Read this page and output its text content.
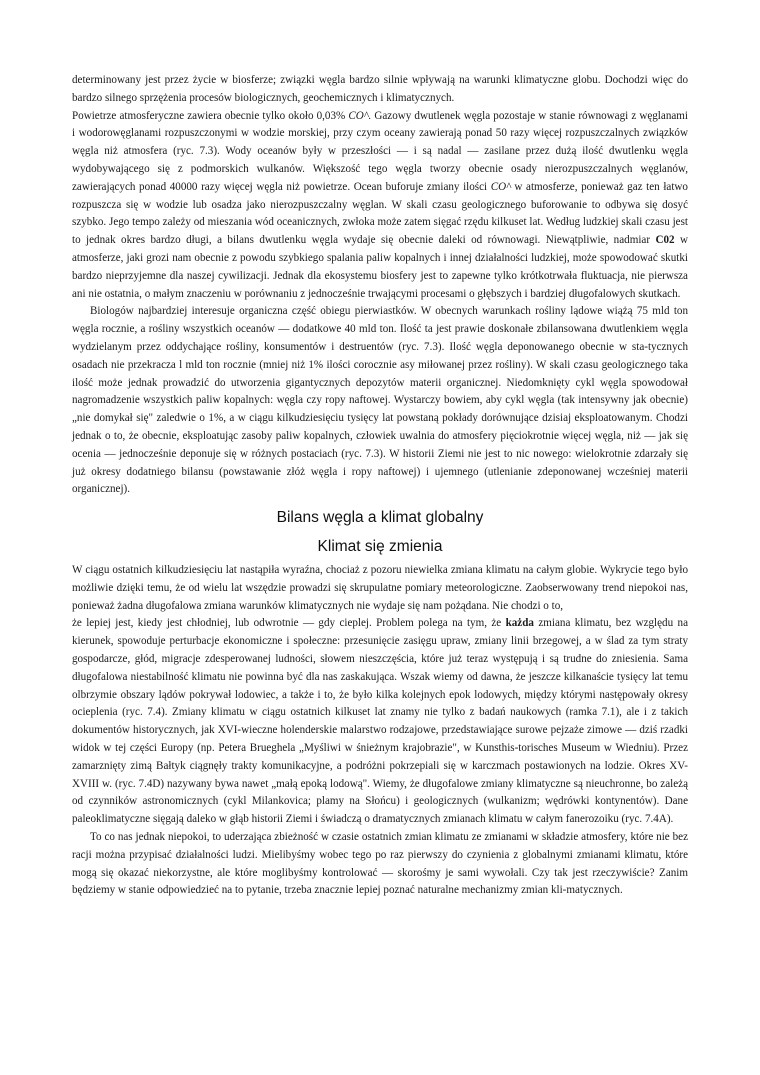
determinowany jest przez życie w biosferze; związki węgla bardzo silnie wpływają na warunki klimatyczne globu. Dochodzi więc do bardzo silnego sprzężenia procesów biologicznych, geochemicznych i klimatycznych.

Powietrze atmosferyczne zawiera obecnie tylko około 0,03% CO^. Gazowy dwutlenek węgla pozostaje w stanie równowagi z węglanami i wodorowęglanami rozpuszczonymi w wodzie morskiej, przy czym oceany zawierają ponad 50 razy więcej rozpuszczalnych związków węgla niż atmosfera (ryc. 7.3). Wody oceanów były w przeszłości — i są nadal — zasilane przez dużą ilość dwutlenku węgla wydobywającego się z podmorskich wulkanów. Większość tego węgla tworzy obecnie osady nierozpuszczalnych węglanów, zawierających ponad 40000 razy więcej węgla niż powietrze. Ocean buforuje zmiany ilości CO^ w atmosferze, ponieważ gaz ten łatwo rozpuszcza się w wodzie lub osadza jako nierozpuszczalny węglan. W skali czasu geologicznego buforowanie to odbywa się dosyć szybko. Jego tempo zależy od mieszania wód oceanicznych, zwłoka może zatem sięgać rzędu kilkuset lat. Według ludzkiej skali czasu jest to jednak okres bardzo długi, a bilans dwutlenku węgla wydaje się obecnie daleki od równowagi. Niewątpliwie, nadmiar C02 w atmosferze, jaki grozi nam obecnie z powodu szybkiego spalania paliw kopalnych i innej działalności ludzkiej, może spowodować skutki bardzo nieprzyjemne dla naszej cywilizacji. Jednak dla ekosystemu biosfery jest to zapewne tylko krótkotrwała fluktuacja, nie pierwsza ani nie ostatnia, o małym znaczeniu w porównaniu z jednocześnie trwającymi procesami o głębszych i bardziej długofalowych skutkach.

Biologów najbardziej interesuje organiczna część obiegu pierwiastków. W obecnych warunkach rośliny lądowe wiążą 75 mld ton węgla rocznie, a rośliny wszystkich oceanów — dodatkowe 40 mld ton. Ilość ta jest prawie doskonałe zbilansowana dwutlenkiem węgla wydzielanym przez oddychające rośliny, konsumentów i destruentów (ryc. 7.3). Ilość węgla deponowanego obecnie w sta-tycznych osadach nie przekracza l mld ton rocznie (mniej niż 1% ilości corocznie asy miłowanej przez rośliny). W skali czasu geologicznego taka ilość może jednak prowadzić do utworzenia gigantycznych depozytów materii organicznej. Niedomknięty cykl węgla spowodował nagromadzenie wszystkich paliw kopalnych: węgla czy ropy naftowej. Wystarczy bowiem, aby cykl węgla (tak intensywny jak obecnie) „nie domykał się" zaledwie o 1%, a w ciągu kilkudziesięciu tysięcy lat powstaną pokłady dorównujące dzisiaj eksploatowanym. Chodzi jednak o to, że obecnie, eksploatując zasoby paliw kopalnych, człowiek uwalnia do atmosfery pięciokrotnie więcej węgla, niż — jak się ocenia — jednocześnie deponuje się w różnych postaciach (ryc. 7.3). W historii Ziemi nie jest to nic nowego: wielokrotnie zdarzały się już okresy dodatniego bilansu (powstawanie złóż węgla i ropy naftowej) i ujemnego (utlenianie zdeponowanej wcześniej materii organicznej).

Bilans węgla a klimat globalny
Klimat się zmienia

W ciągu ostatnich kilkudziesięciu lat nastąpiła wyraźna, chociaż z pozoru niewielka zmiana klimatu na całym globie. Wykrycie tego było możliwie dzięki temu, że od wielu lat wszędzie prowadzi się skrupulatne pomiary meteorologiczne. Zaobserwowany trend niepokoi nas, ponieważ żadna długofalowa zmiana warunków klimatycznych nie wydaje się nam pożądana. Nie chodzi o to,
że lepiej jest, kiedy jest chłodniej, lub odwrotnie — gdy cieplej. Problem polega na tym, że każda zmiana klimatu, bez względu na kierunek, spowoduje perturbacje ekonomiczne i społeczne: przesunięcie zasięgu upraw, zmiany linii brzegowej, a w ślad za tym straty gospodarcze, głód, migracje zdesperowanej ludności, słowem nieszczęścia, które już teraz występują i są trudne do zniesienia. Sama długofalowa niestabilność klimatu nie powinna być dla nas zaskakująca. Wszak wiemy od dawna, że jeszcze kilkanaście tysięcy lat temu olbrzymie obszary lądów pokrywał lodowiec, a także i to, że było kilka kolejnych epok lodowych, między którymi następowały okresy ocieplenia (ryc. 7.4). Zmiany klimatu w ciągu ostatnich kilkuset lat znamy nie tylko z badań naukowych (ramka 7.1), ale i z takich dokumentów historycznych, jak XVI-wieczne holenderskie malarstwo rodzajowe, przedstawiające surowe pejzaże zimowe — dziś rzadki widok w tej części Europy (np. Petera Brueghela „Myśliwi w śnieżnym krajobrazie", w Kunsthis-torisches Museum w Wiedniu). Przez zamarznięty zimą Bałtyk ciągnęły trakty komunikacyjne, a podróżni pokrzepiali się w karczmach postawionych na lodzie. Okres XV-XVIII w. (ryc. 7.4D) nazywany bywa nawet „małą epoką lodową". Wiemy, że długofalowe zmiany klimatyczne są nieuchronne, bo zależą od czynników astronomicznych (cykl Milankovica; plamy na Słońcu) i geologicznych (wulkanizm; wędrówki kontynentów). Dane paleoklimatyczne sięgają daleko w głąb historii Ziemi i świadczą o dramatycznych zmianach klimatu w całym fanerozoiku (ryc. 7.4A).

To co nas jednak niepokoi, to uderzająca zbieżność w czasie ostatnich zmian klimatu ze zmianami w składzie atmosfery, które nie bez racji można przypisać działalności ludzi. Mielibyśmy wobec tego po raz pierwszy do czynienia z globalnymi zmianami klimatu, które mogą się okazać niekorzystne, ale które moglibyśmy kontrolować — skorośmy je sami wywołali. Czy tak jest rzeczywiście? Zanim będziemy w stanie odpowiedzieć na to pytanie, trzeba znacznie lepiej poznać naturalne mechanizmy zmian kli-matycznych.
